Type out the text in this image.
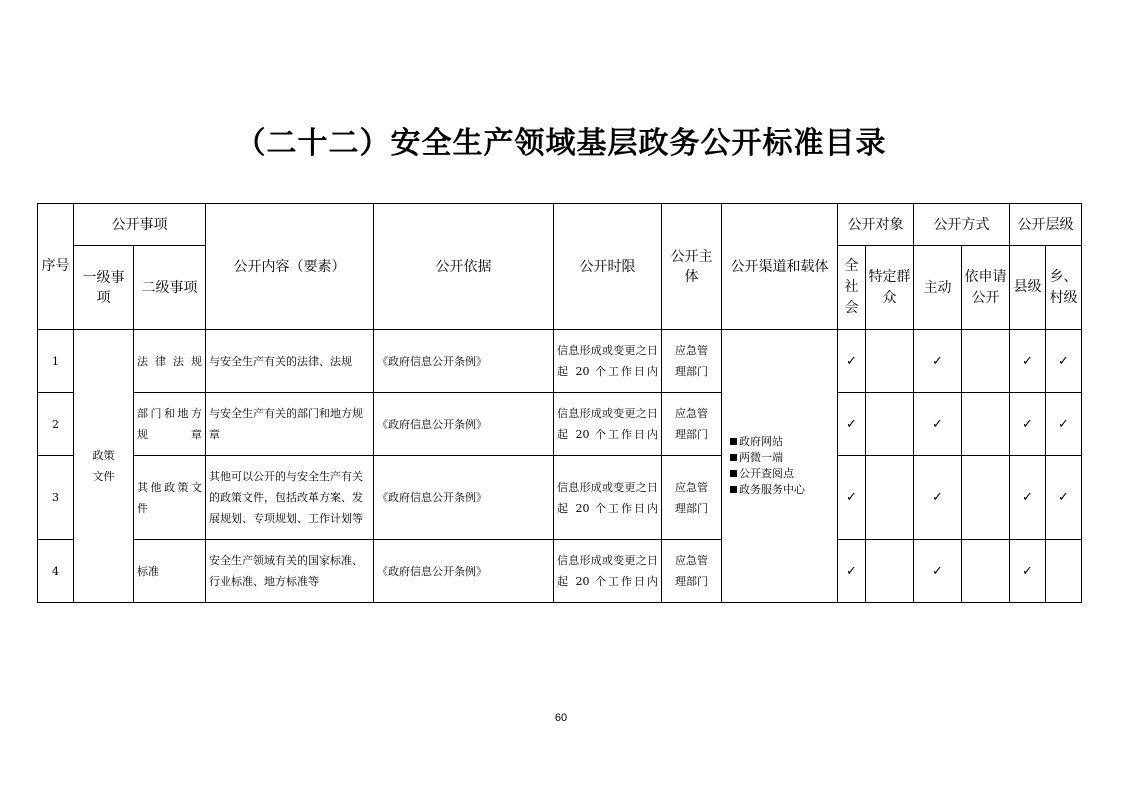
（二十二）安全生产领域基层政务公开标准目录
序号	公开事项		公开内容（要素）	公开依据	公开时限	公开主体	公开渠道和载体	公开对象		公开方式		公开层级	
	一级事项	二级事项						全社会	特定群众	主动	依申请公开	县级	乡、村级
1	政策文件	法律法规	与安全生产有关的法律、法规	《政府信息公开条例》	信息形成或变更之日起 20 个工作日内	应急管理部门	政府网站
两微一端
公开查阅点
政务服务中心	✓		✓		✓	✓
2		部门和地方规章	与安全生产有关的部门和地方规章	《政府信息公开条例》	信息形成或变更之日起 20 个工作日内	应急管理部门		✓		✓		✓	✓
3		其他政策文件	其他可以公开的与安全生产有关的政策文件，包括改革方案、发展规划、专项规划、工作计划等	《政府信息公开条例》	信息形成或变更之日起 20 个工作日内	应急管理部门		✓		✓		✓	✓
4		标准	安全生产领域有关的国家标准、行业标准、地方标准等	《政府信息公开条例》	信息形成或变更之日起 20 个工作日内	应急管理部门		✓		✓		✓	
60
